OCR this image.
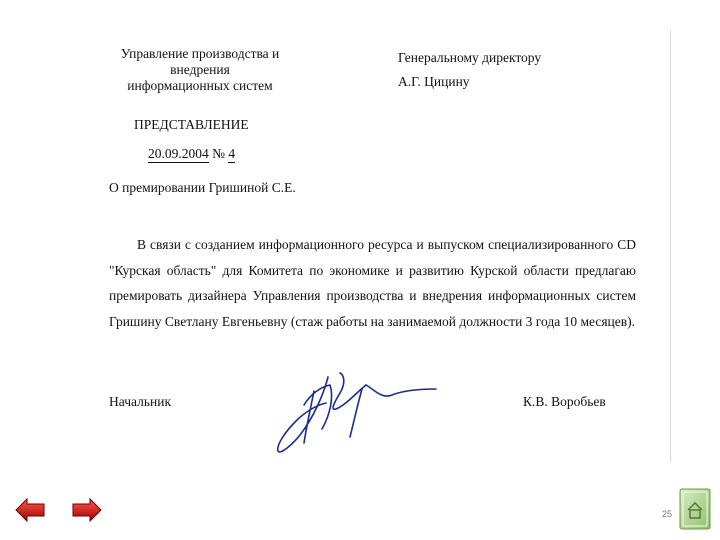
Управление производства и
внедрения
информационных систем
Генеральному директору
А.Г. Цицину
ПРЕДСТАВЛЕНИЕ
20.09.2004 № 4
О премировании Гришиной С.Е.
В связи с созданием информационного ресурса и выпуском специализированного CD "Курская область" для Комитета по экономике и развитию Курской области предлагаю премировать дизайнера Управления производства и внедрения информационных систем Гришину Светлану Евгеньевну (стаж работы на занимаемой должности 3 года 10 месяцев).
Начальник	К.В. Воробьев
25
